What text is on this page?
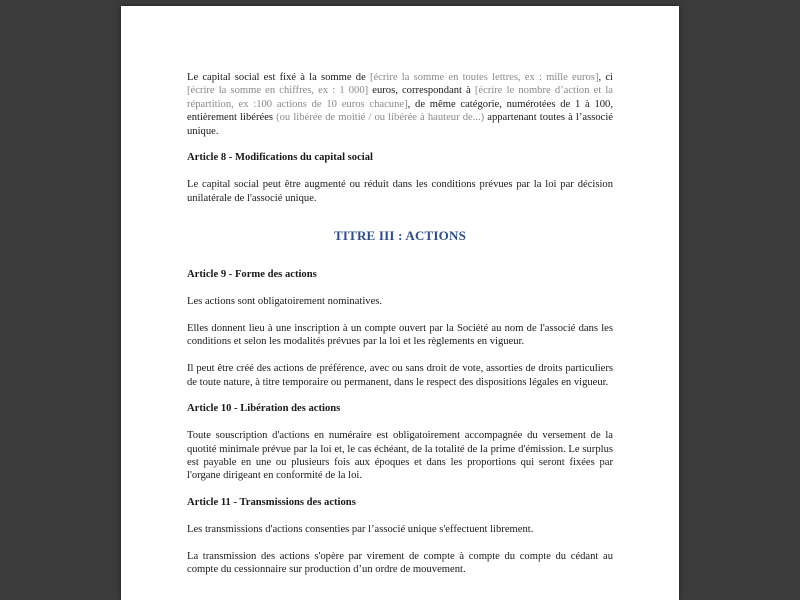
Le capital social est fixé à la somme de [écrire la somme en toutes lettres, ex : mille euros], ci [écrire la somme en chiffres, ex : 1 000] euros, correspondant à [écrire le nombre d’action et la répartition, ex :100 actions de 10 euros chacune], de même catégorie, numérotées de 1 à 100, entièrement libérées (ou libérée de moitié / ou libérée à hauteur de...) appartenant toutes à l’associé unique.

Article 8 - Modifications du capital social

Le capital social peut être augmenté ou réduit dans les conditions prévues par la loi par décision unilatérale de l'associé unique.

TITRE III : ACTIONS
Article 9 - Forme des actions

Les actions sont obligatoirement nominatives.

Elles donnent lieu à une inscription à un compte ouvert par la Société au nom de l'associé dans les conditions et selon les modalités prévues par la loi et les règlements en vigueur.

Il peut être créé des actions de préférence, avec ou sans droit de vote, assorties de droits particuliers de toute nature, à titre temporaire ou permanent, dans le respect des dispositions légales en vigueur.

Article 10 - Libération des actions

Toute souscription d'actions en numéraire est obligatoirement accompagnée du versement de la quotité minimale prévue par la loi et, le cas échéant, de la totalité de la prime d'émission. Le surplus est payable en une ou plusieurs fois aux époques et dans les proportions qui seront fixées par l'organe dirigeant en conformité de la loi.

Article 11 - Transmissions des actions

Les transmissions d'actions consenties par l’associé unique s'effectuent librement.

La transmission des actions s'opère par virement de compte à compte du compte du cédant au compte du cessionnaire sur production d’un ordre de mouvement.
